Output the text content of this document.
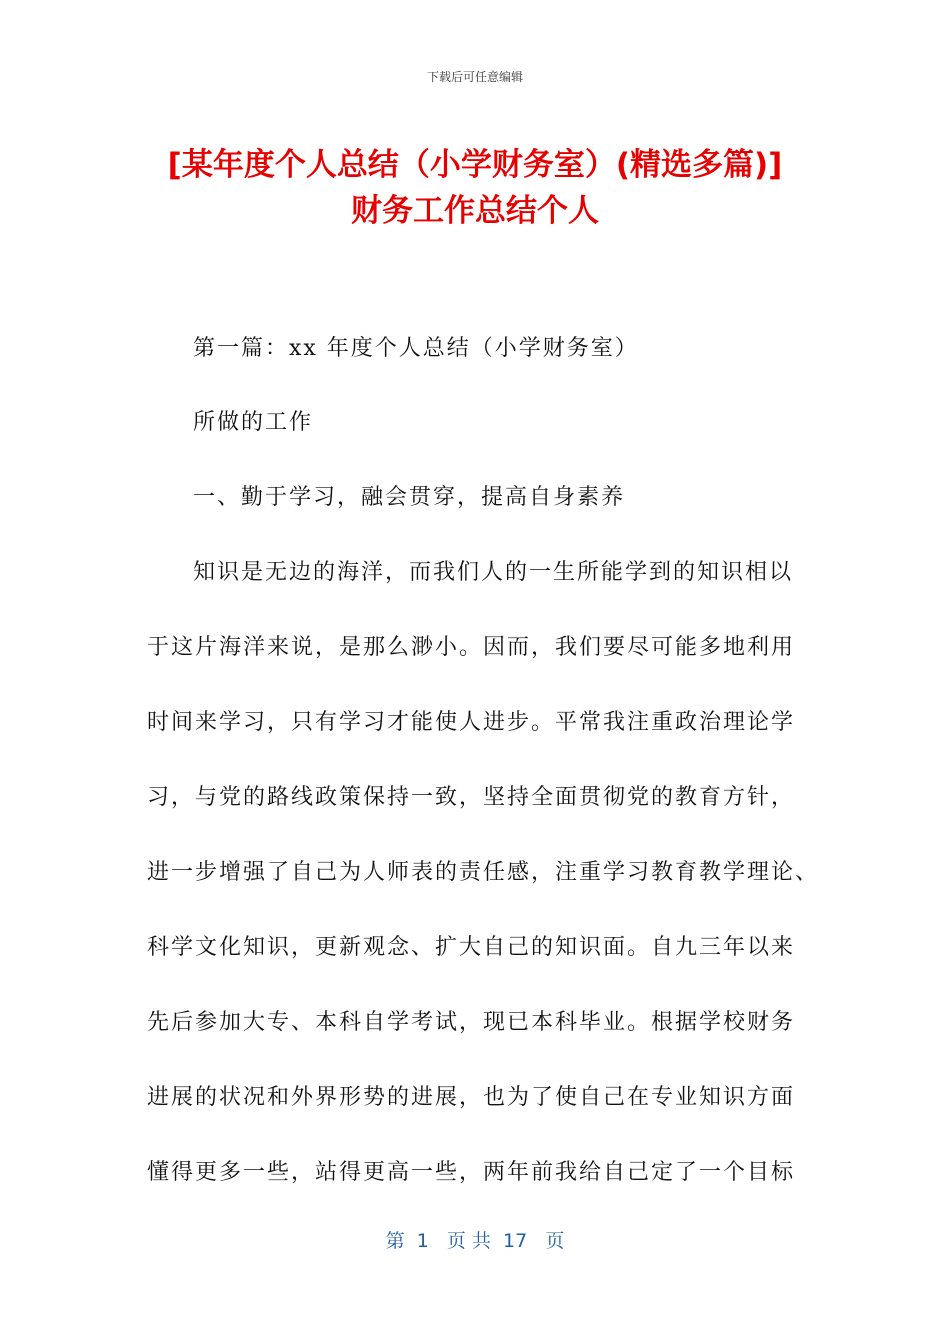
下载后可任意编辑
[某年度个人总结（小学财务室）(精选多篇)]
财务工作总结个人

第一篇：xx 年度个人总结（小学财务室）

所做的工作

一、勤于学习，融会贯穿，提高自身素养

知识是无边的海洋，而我们人的一生所能学到的知识相以

于这片海洋来说，是那么渺小。因而，我们要尽可能多地利用

时间来学习，只有学习才能使人进步。平常我注重政治理论学

习，与党的路线政策保持一致，坚持全面贯彻党的教育方针，

进一步增强了自己为人师表的责任感，注重学习教育教学理论、

科学文化知识，更新观念、扩大自己的知识面。自九三年以来

先后参加大专、本科自学考试，现已本科毕业。根据学校财务

进展的状况和外界形势的进展，也为了使自己在专业知识方面

懂得更多一些，站得更高一些，两年前我给自己定了一个目标

第  1   页 共  17   页
